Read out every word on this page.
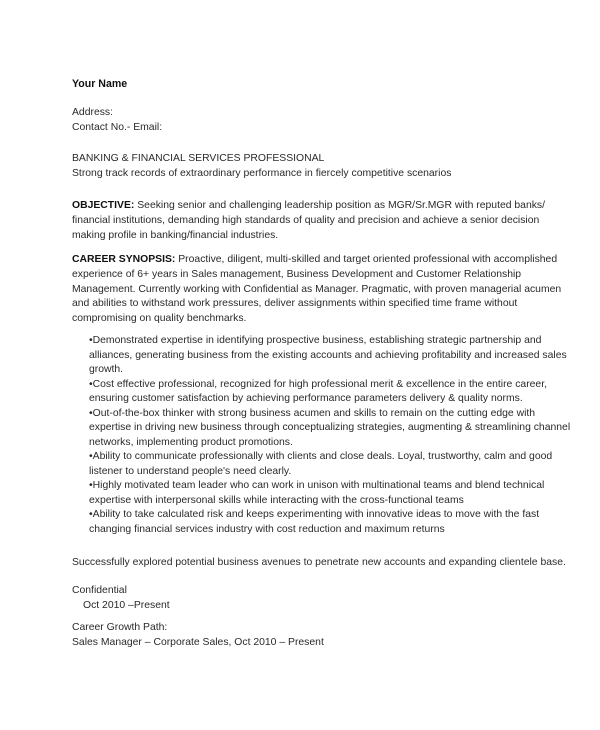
Your Name
Address:
Contact No.- Email:
BANKING & FINANCIAL SERVICES PROFESSIONAL
Strong track records of extraordinary performance in fiercely competitive scenarios
OBJECTIVE: Seeking senior and challenging leadership position as MGR/Sr.MGR with reputed banks/
financial institutions, demanding high standards of quality and precision and achieve a senior decision
making profile in banking/financial industries.
CAREER SYNOPSIS: Proactive, diligent, multi-skilled and target oriented professional with accomplished
experience of 6+ years in Sales management, Business Development and Customer Relationship
Management. Currently working with Confidential as Manager. Pragmatic, with proven managerial acumen
and abilities to withstand work pressures, deliver assignments within specified time frame without
compromising on quality benchmarks.
•Demonstrated expertise in identifying prospective business, establishing strategic partnership and
alliances, generating business from the existing accounts and achieving profitability and increased sales
growth.
•Cost effective professional, recognized for high professional merit & excellence in the entire career,
ensuring customer satisfaction by achieving performance parameters delivery & quality norms.
•Out-of-the-box thinker with strong business acumen and skills to remain on the cutting edge with
expertise in driving new business through conceptualizing strategies, augmenting & streamlining channel
networks, implementing product promotions.
•Ability to communicate professionally with clients and close deals. Loyal, trustworthy, calm and good
listener to understand people's need clearly.
•Highly motivated team leader who can work in unison with multinational teams and blend technical
expertise with interpersonal skills while interacting with the cross-functional teams
•Ability to take calculated risk and keeps experimenting with innovative ideas to move with the fast
changing financial services industry with cost reduction and maximum returns
Successfully explored potential business avenues to penetrate new accounts and expanding clientele base.
Confidential
Oct 2010 –Present
Career Growth Path:
Sales Manager – Corporate Sales, Oct 2010 – Present
